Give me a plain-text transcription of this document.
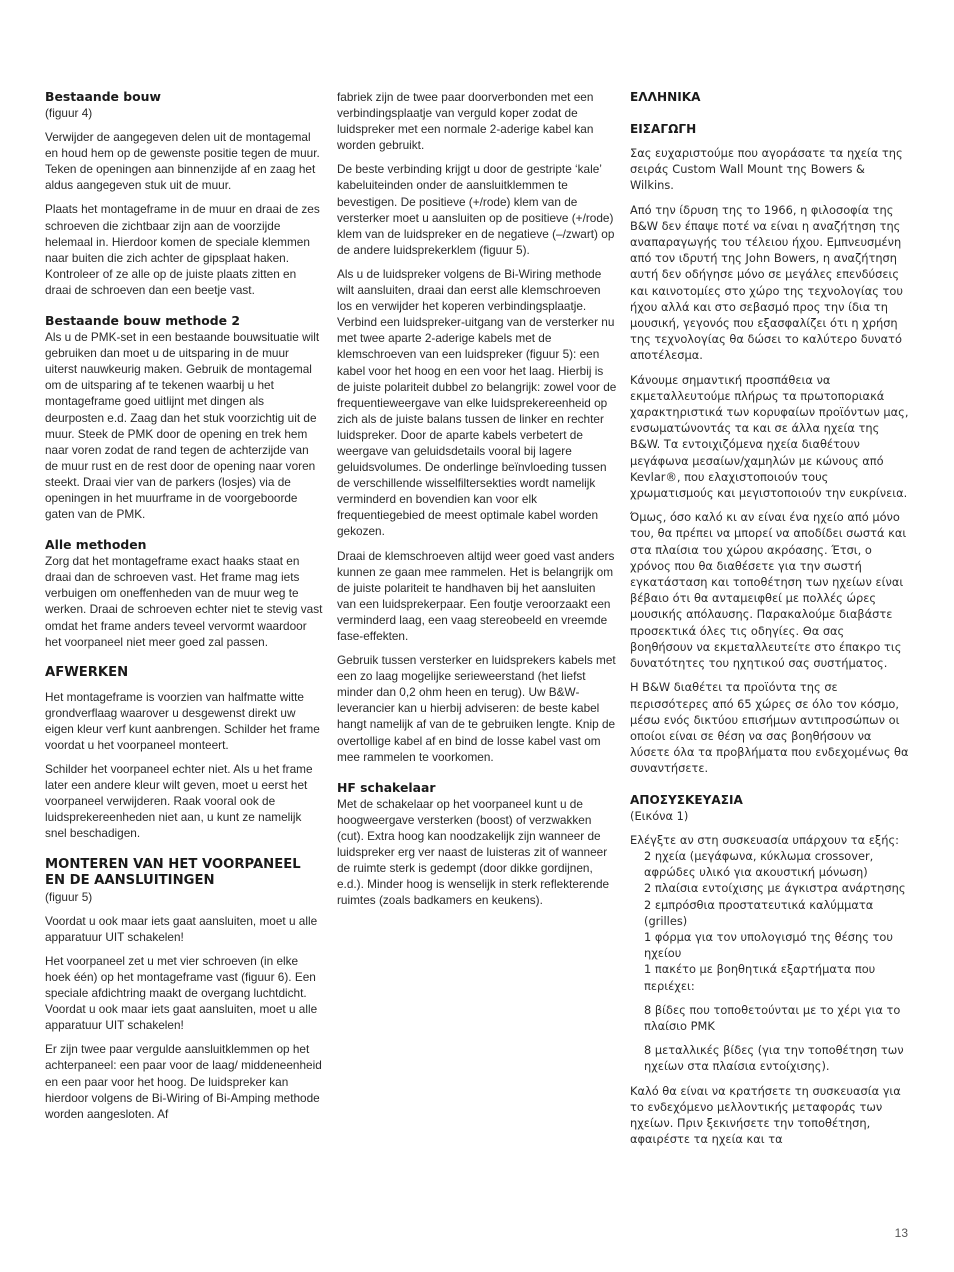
Bestaande bouw

(figuur 4)

Verwijder de aangegeven delen uit de montagemal en houd hem op de gewenste positie tegen de muur. Teken de openingen aan binnenzijde af en zaag het aldus aangegeven stuk uit de muur.

Plaats het montageframe in de muur en draai de zes schroeven die zichtbaar zijn aan de voorzijde helemaal in. Hierdoor komen de speciale klemmen naar buiten die zich achter de gipsplaat haken. Kontroleer of ze alle op de juiste plaats zitten en draai de schroeven dan een beetje vast.

Bestaande bouw methode 2

Als u de PMK-set in een bestaande bouwsituatie wilt gebruiken dan moet u de uitsparing in de muur uiterst nauwkeurig maken. Gebruik de montagemal om de uitsparing af te tekenen waarbij u het montageframe goed uitlijnt met dingen als deurposten e.d. Zaag dan het stuk voorzichtig uit de muur. Steek de PMK door de opening en trek hem naar voren zodat de rand tegen de achterzijde van de muur rust en de rest door de opening naar voren steekt. Draai vier van de parkers (losjes) via de openingen in het muurframe in de voorgeboorde gaten van de PMK.

Alle methoden

Zorg dat het montageframe exact haaks staat en draai dan de schroeven vast. Het frame mag iets verbuigen om oneffenheden van de muur weg te werken. Draai de schroeven echter niet te stevig vast omdat het frame anders teveel vervormt waardoor het voorpaneel niet meer goed zal passen.

AFWERKEN

Het montageframe is voorzien van halfmatte witte grondverflaag waarover u desgewenst direkt uw eigen kleur verf kunt aanbrengen. Schilder het frame voordat u het voorpaneel monteert.

Schilder het voorpaneel echter niet. Als u het frame later een andere kleur wilt geven, moet u eerst het voorpaneel verwijderen. Raak vooral ook de luidsprekereenheden niet aan, u kunt ze namelijk snel beschadigen.

MONTEREN VAN HET VOORPANEEL EN DE AANSLUITINGEN

(figuur 5)

Voordat u ook maar iets gaat aansluiten, moet u alle apparatuur UIT schakelen!

Het voorpaneel zet u met vier schroeven (in elke hoek één) op het montageframe vast (figuur 6). Een speciale afdichtring maakt de overgang luchtdicht. Voordat u ook maar iets gaat aansluiten, moet u alle apparatuur UIT schakelen!

Er zijn twee paar vergulde aansluitklemmen op het achterpaneel: een paar voor de laag/ middeneenheid en een paar voor het hoog. De luidspreker kan hierdoor volgens de Bi-Wiring of Bi-Amping methode worden aangesloten. Af

fabriek zijn de twee paar doorverbonden met een verbindingsplaatje van verguld koper zodat de luidspreker met een normale 2-aderige kabel kan worden gebruikt.

De beste verbinding krijgt u door de gestripte ‘kale’ kabeluiteinden onder de aansluitklemmen te bevestigen. De positieve (+/rode) klem van de versterker moet u aansluiten op de positieve (+/rode) klem van de luidspreker en de negatieve (–/zwart) op de andere luidsprekerklem (figuur 5).

Als u de luidspreker volgens de Bi-Wiring methode wilt aansluiten, draai dan eerst alle klemschroeven los en verwijder het koperen verbindingsplaatje. Verbind een luidspreker-uitgang van de versterker nu met twee aparte 2-aderige kabels met de klemschroeven van een luidspreker (figuur 5): een kabel voor het hoog en een voor het laag. Hierbij is de juiste polariteit dubbel zo belangrijk: zowel voor de frequentieweergave van elke luidsprekereenheid op zich als de juiste balans tussen de linker en rechter luidspreker. Door de aparte kabels verbetert de weergave van geluidsdetails vooral bij lagere geluidsvolumes. De onderlinge beïnvloeding tussen de verschillende wisselfiltersekties wordt namelijk verminderd en bovendien kan voor elk frequentiegebied de meest optimale kabel worden gekozen.

Draai de klemschroeven altijd weer goed vast anders kunnen ze gaan mee rammelen. Het is belangrijk om de juiste polariteit te handhaven bij het aansluiten van een luidsprekerpaar. Een foutje veroorzaakt een verminderd laag, een vaag stereobeeld en vreemde fase-effekten.

Gebruik tussen versterker en luidsprekers kabels met een zo laag mogelijke serieweerstand (het liefst minder dan 0,2 ohm heen en terug). Uw B&W-leverancier kan u hierbij adviseren: de beste kabel hangt namelijk af van de te gebruiken lengte. Knip de overtollige kabel af en bind de losse kabel vast om mee rammelen te voorkomen.

HF schakelaar

Met de schakelaar op het voorpaneel kunt u de hoogweergave versterken (boost) of verzwakken (cut). Extra hoog kan noodzakelijk zijn wanneer de luidspreker erg ver naast de luisteras zit of wanneer de ruimte sterk is gedempt (door dikke gordijnen, e.d.). Minder hoog is wenselijk in sterk reflekterende ruimtes (zoals badkamers en keukens).

ΕΛΛΗΝΙΚΑ

ΕΙΣΑΓΩΓΗ

Σας ευχαριστούμε που αγοράσατε τα ηχεία της σειράς Custom Wall Mount της Bowers & Wilkins.

Από την ίδρυση της το 1966, η φιλοσοφία της B&W δεν έπαψε ποτέ να είναι η αναζήτηση της αναπαραγωγής του τέλειου ήχου. Εμπνευσμένη από τον ιδρυτή της John Bowers, η αναζήτηση αυτή δεν οδήγησε μόνο σε μεγάλες επενδύσεις και καινοτομίες στο χώρο της τεχνολογίας του ήχου αλλά και στο σεβασμό προς την ίδια τη μουσική, γεγονός που εξασφαλίζει ότι η χρήση της τεχνολογίας θα δώσει το καλύτερο δυνατό αποτέλεσμα.

Κάνουμε σημαντική προσπάθεια να εκμεταλλευτούμε πλήρως τα πρωτοποριακά χαρακτηριστικά των κορυφαίων προϊόντων μας, ενσωματώνοντάς τα και σε άλλα ηχεία της B&W. Τα εντοιχιζόμενα ηχεία διαθέτουν μεγάφωνα μεσαίων/χαμηλών με κώνους από Kevlar®, που ελαχιστοποιούν τους χρωματισμούς και μεγιστοποιούν την ευκρίνεια.

Όμως, όσο καλό κι αν είναι ένα ηχείο από μόνο του, θα πρέπει να μπορεί να αποδίδει σωστά και στα πλαίσια του χώρου ακρόασης. Έτσι, ο χρόνος που θα διαθέσετε για την σωστή εγκατάσταση και τοποθέτηση των ηχείων είναι βέβαιο ότι θα ανταμειφθεί με πολλές ώρες μουσικής απόλαυσης. Παρακαλούμε διαβάστε προσεκτικά όλες τις οδηγίες. Θα σας βοηθήσουν να εκμεταλλευτείτε στο έπακρο τις δυνατότητες του ηχητικού σας συστήματος.

Η B&W διαθέτει τα προϊόντα της σε περισσότερες από 65 χώρες σε όλο τον κόσμο, μέσω ενός δικτύου επισήμων αντιπροσώπων οι οποίοι είναι σε θέση να σας βοηθήσουν να λύσετε όλα τα προβλήματα που ενδεχομένως θα συναντήσετε.

ΑΠΟΣΥΣΚΕΥΑΣΙΑ

(Εικόνα 1)

Ελέγξτε αν στη συσκευασία υπάρχουν τα εξής:

2 ηχεία (μεγάφωνα, κύκλωμα crossover, αφρώδες υλικό για ακουστική μόνωση)

2 πλαίσια εντοίχισης με άγκιστρα ανάρτησης

2 εμπρόσθια προστατευτικά καλύμματα (grilles)

1 φόρμα για τον υπολογισμό της θέσης του ηχείου

1 πακέτο με βοηθητικά εξαρτήματα που περιέχει:

8 βίδες που τοποθετούνται με το χέρι για το πλαίσιο PMK

8 μεταλλικές βίδες (για την τοποθέτηση των ηχείων στα πλαίσια εντοίχισης).

Καλό θα είναι να κρατήσετε τη συσκευασία για το ενδεχόμενο μελλοντικής μεταφοράς των ηχείων. Πριν ξεκινήσετε την τοποθέτηση, αφαιρέστε τα ηχεία και τα

13
